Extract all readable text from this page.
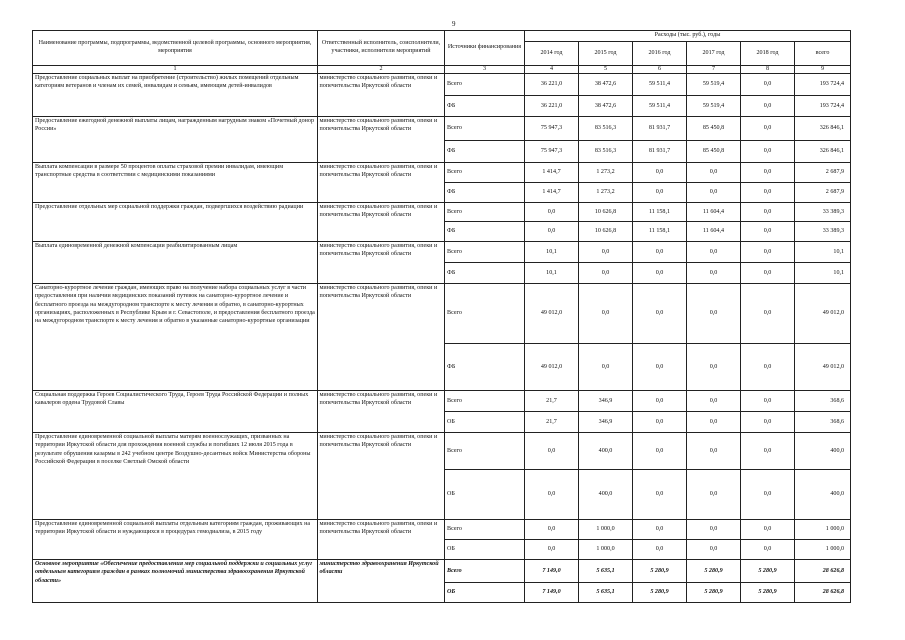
9
Наименование программы, подпрограммы, ведомственной целевой программы, основного мероприятия, мероприятия	Ответственный исполнитель, соисполнители, участники, исполнители мероприятий	Источники финансирования	Расходы (тыс. руб.), годы					
			2014 год	2015 год	2016 год	2017 год	2018 год	всего
1	2	3	4	5	6	7	8	9
Предоставление социальных выплат на приобретение (строительство) жилых помещений отдельным категориям ветеранов и членам их семей, инвалидам и семьям, имеющим детей-инвалидов	министерство социального развития, опеки и попечительства Иркутской области	Всего	36 221,0	38 472,6	59 511,4	59 519,4	0,0	193 724,4
		ФБ	36 221,0	38 472,6	59 511,4	59 519,4	0,0	193 724,4
Предоставление ежегодной денежной выплаты лицам, награжденным нагрудным знаком «Почетный донор России»	министерство социального развития, опеки и попечительства Иркутской области	Всего	75 947,3	83 516,3	81 931,7	85 450,8	0,0	326 846,1
		ФБ	75 947,3	83 516,3	81 931,7	85 450,8	0,0	326 846,1
Выплата компенсации в размере 50 процентов оплаты страховой премии инвалидам, имеющим транспортные средства в соответствии с медицинскими показаниями	министерство социального развития, опеки и попечительства Иркутской области	Всего	1 414,7	1 273,2	0,0	0,0	0,0	2 687,9
		ФБ	1 414,7	1 273,2	0,0	0,0	0,0	2 687,9
Предоставление отдельных мер социальной поддержки граждан, подвергшихся воздействию радиации	министерство социального развития, опеки и попечительства Иркутской области	Всего	0,0	10 626,8	11 158,1	11 604,4	0,0	33 389,3
		ФБ	0,0	10 626,8	11 158,1	11 604,4	0,0	33 389,3
Выплата единовременной денежной компенсации реабилитированным лицам	министерство социального развития, опеки и попечительства Иркутской области	Всего	10,1	0,0	0,0	0,0	0,0	10,1
		ФБ	10,1	0,0	0,0	0,0	0,0	10,1
Санаторно-курортное лечение граждан, имеющих право на получение набора социальных услуг в части предоставления при наличии медицинских показаний путевок на санаторно-курортное лечение и бесплатного проезда на междугородном транспорте к месту лечения и обратно, в санаторно-курортных организациях, расположенных в Республике Крым и г. Севастополе, и предоставления бесплатного проезда на междугородном транспорте к месту лечения и обратно в указанные санаторно-курортные организации	министерство социального развития, опеки и попечительства Иркутской области	Всего	49 012,0	0,0	0,0	0,0	0,0	49 012,0
		ФБ	49 012,0	0,0	0,0	0,0	0,0	49 012,0
Социальная поддержка Героев Социалистического Труда, Героев Труда Российской Федерации и полных кавалеров ордена Трудовой Славы	министерство социального развития, опеки и попечительства Иркутской области	Всего	21,7	346,9	0,0	0,0	0,0	368,6
		ОБ	21,7	346,9	0,0	0,0	0,0	368,6
Предоставление единовременной социальной выплаты матерям военнослужащих, призванных на территории Иркутской области для прохождения военной службы и погибших 12 июля 2015 года в результате обрушения казармы в 242 учебном центре Воздушно-десантных войск Министерства обороны Российской Федерации в поселке Светлый Омской области	министерство социального развития, опеки и попечительства Иркутской области	Всего	0,0	400,0	0,0	0,0	0,0	400,0
		ОБ	0,0	400,0	0,0	0,0	0,0	400,0
Предоставление единовременной социальной выплаты отдельным категориям граждан, проживающих на территории Иркутской области и нуждающихся в процедурах гемодиализа, в 2015 году	министерство социального развития, опеки и попечительства Иркутской области	Всего	0,0	1 000,0	0,0	0,0	0,0	1 000,0
		ОБ	0,0	1 000,0	0,0	0,0	0,0	1 000,0
Основное мероприятие «Обеспечение предоставления мер социальной поддержки и социальных услуг отдельным категориям граждан в рамках полномочий министерства здравоохранения Иркутской области»	министерство здравоохранения Иркутской области	Всего	7 149,0	5 635,1	5 280,9	5 280,9	5 280,9	28 626,8
		ОБ	7 149,0	5 635,1	5 280,9	5 280,9	5 280,9	28 626,8
